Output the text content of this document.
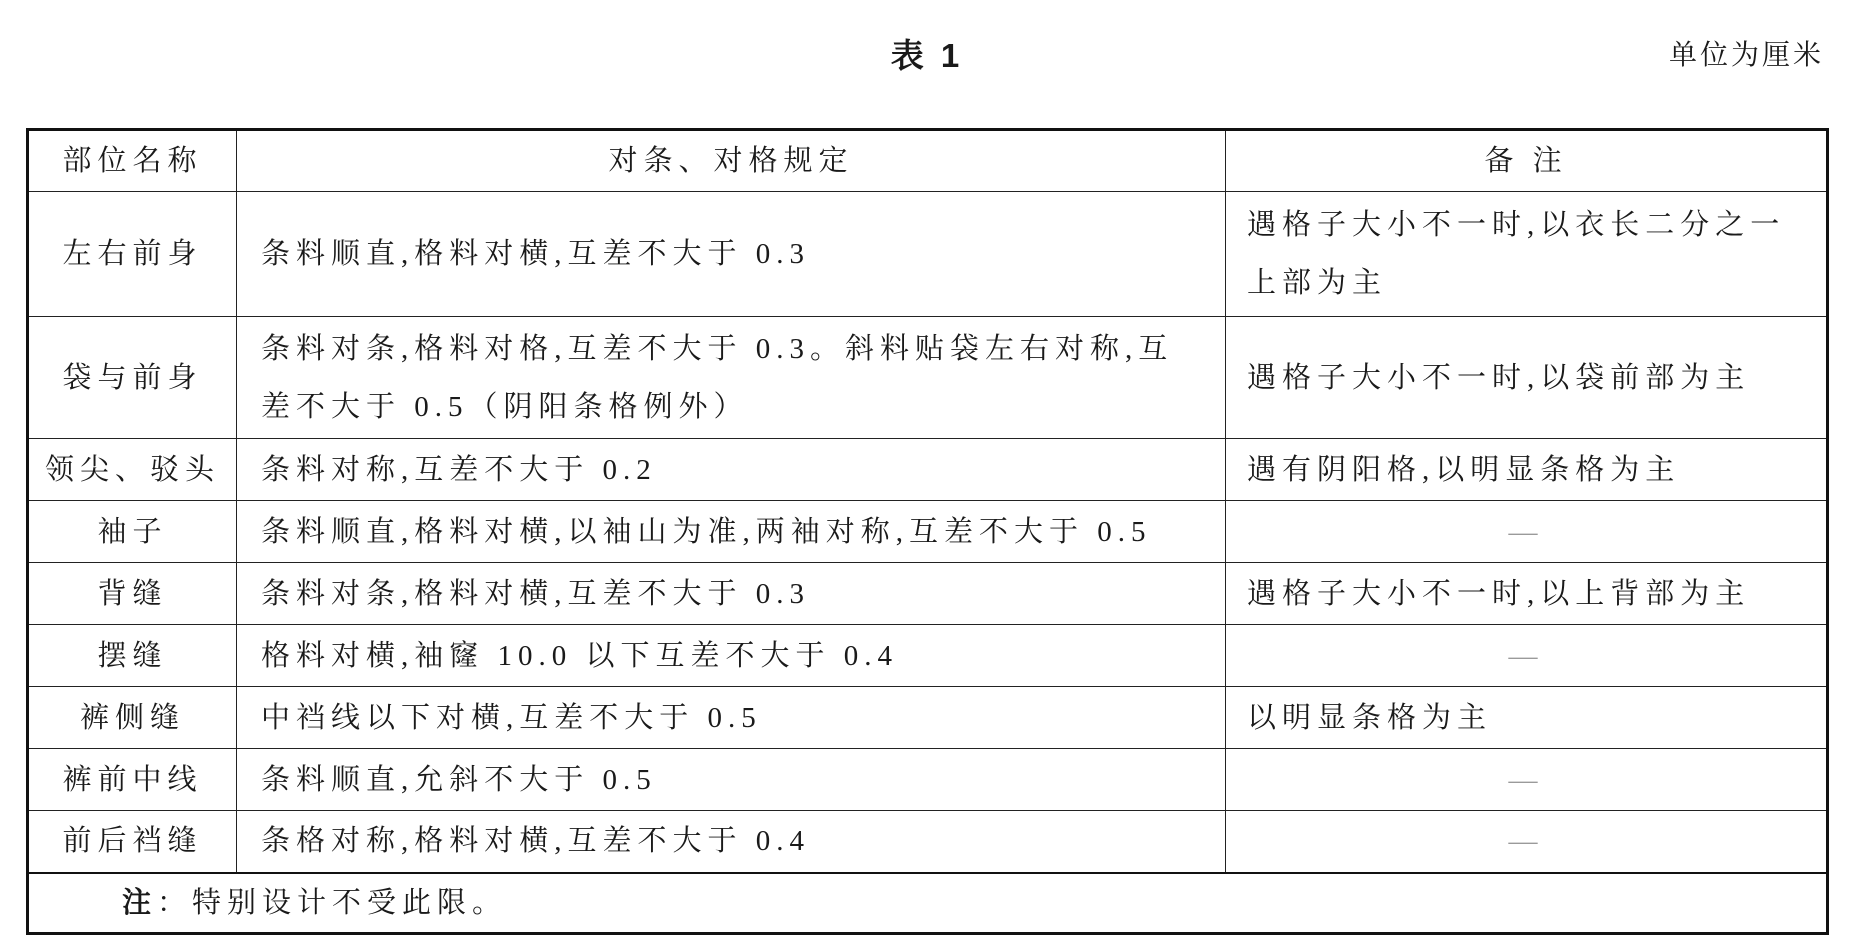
表 1	单位为厘米
部位名称	对条、对格规定	备 注
左右前身	条料顺直,格料对横,互差不大于 0.3	遇格子大小不一时,以衣长二分之一
上部为主

袋与前身	条料对条,格料对格,互差不大于 0.3。斜料贴袋左右对称,互
差不大于 0.5（阴阳条格例外）	遇格子大小不一时,以袋前部为主

领尖、驳头	条料对称,互差不大于 0.2	遇有阴阳格,以明显条格为主

袖子	条料顺直,格料对横,以袖山为准,两袖对称,互差不大于 0.5	—

背缝	条料对条,格料对横,互差不大于 0.3	遇格子大小不一时,以上背部为主

摆缝	格料对横,袖窿 10.0 以下互差不大于 0.4	—

裤侧缝	中裆线以下对横,互差不大于 0.5	以明显条格为主

裤前中线	条料顺直,允斜不大于 0.5	—

前后裆缝	条格对称,格料对横,互差不大于 0.4	—

注：特别设计不受此限。		
